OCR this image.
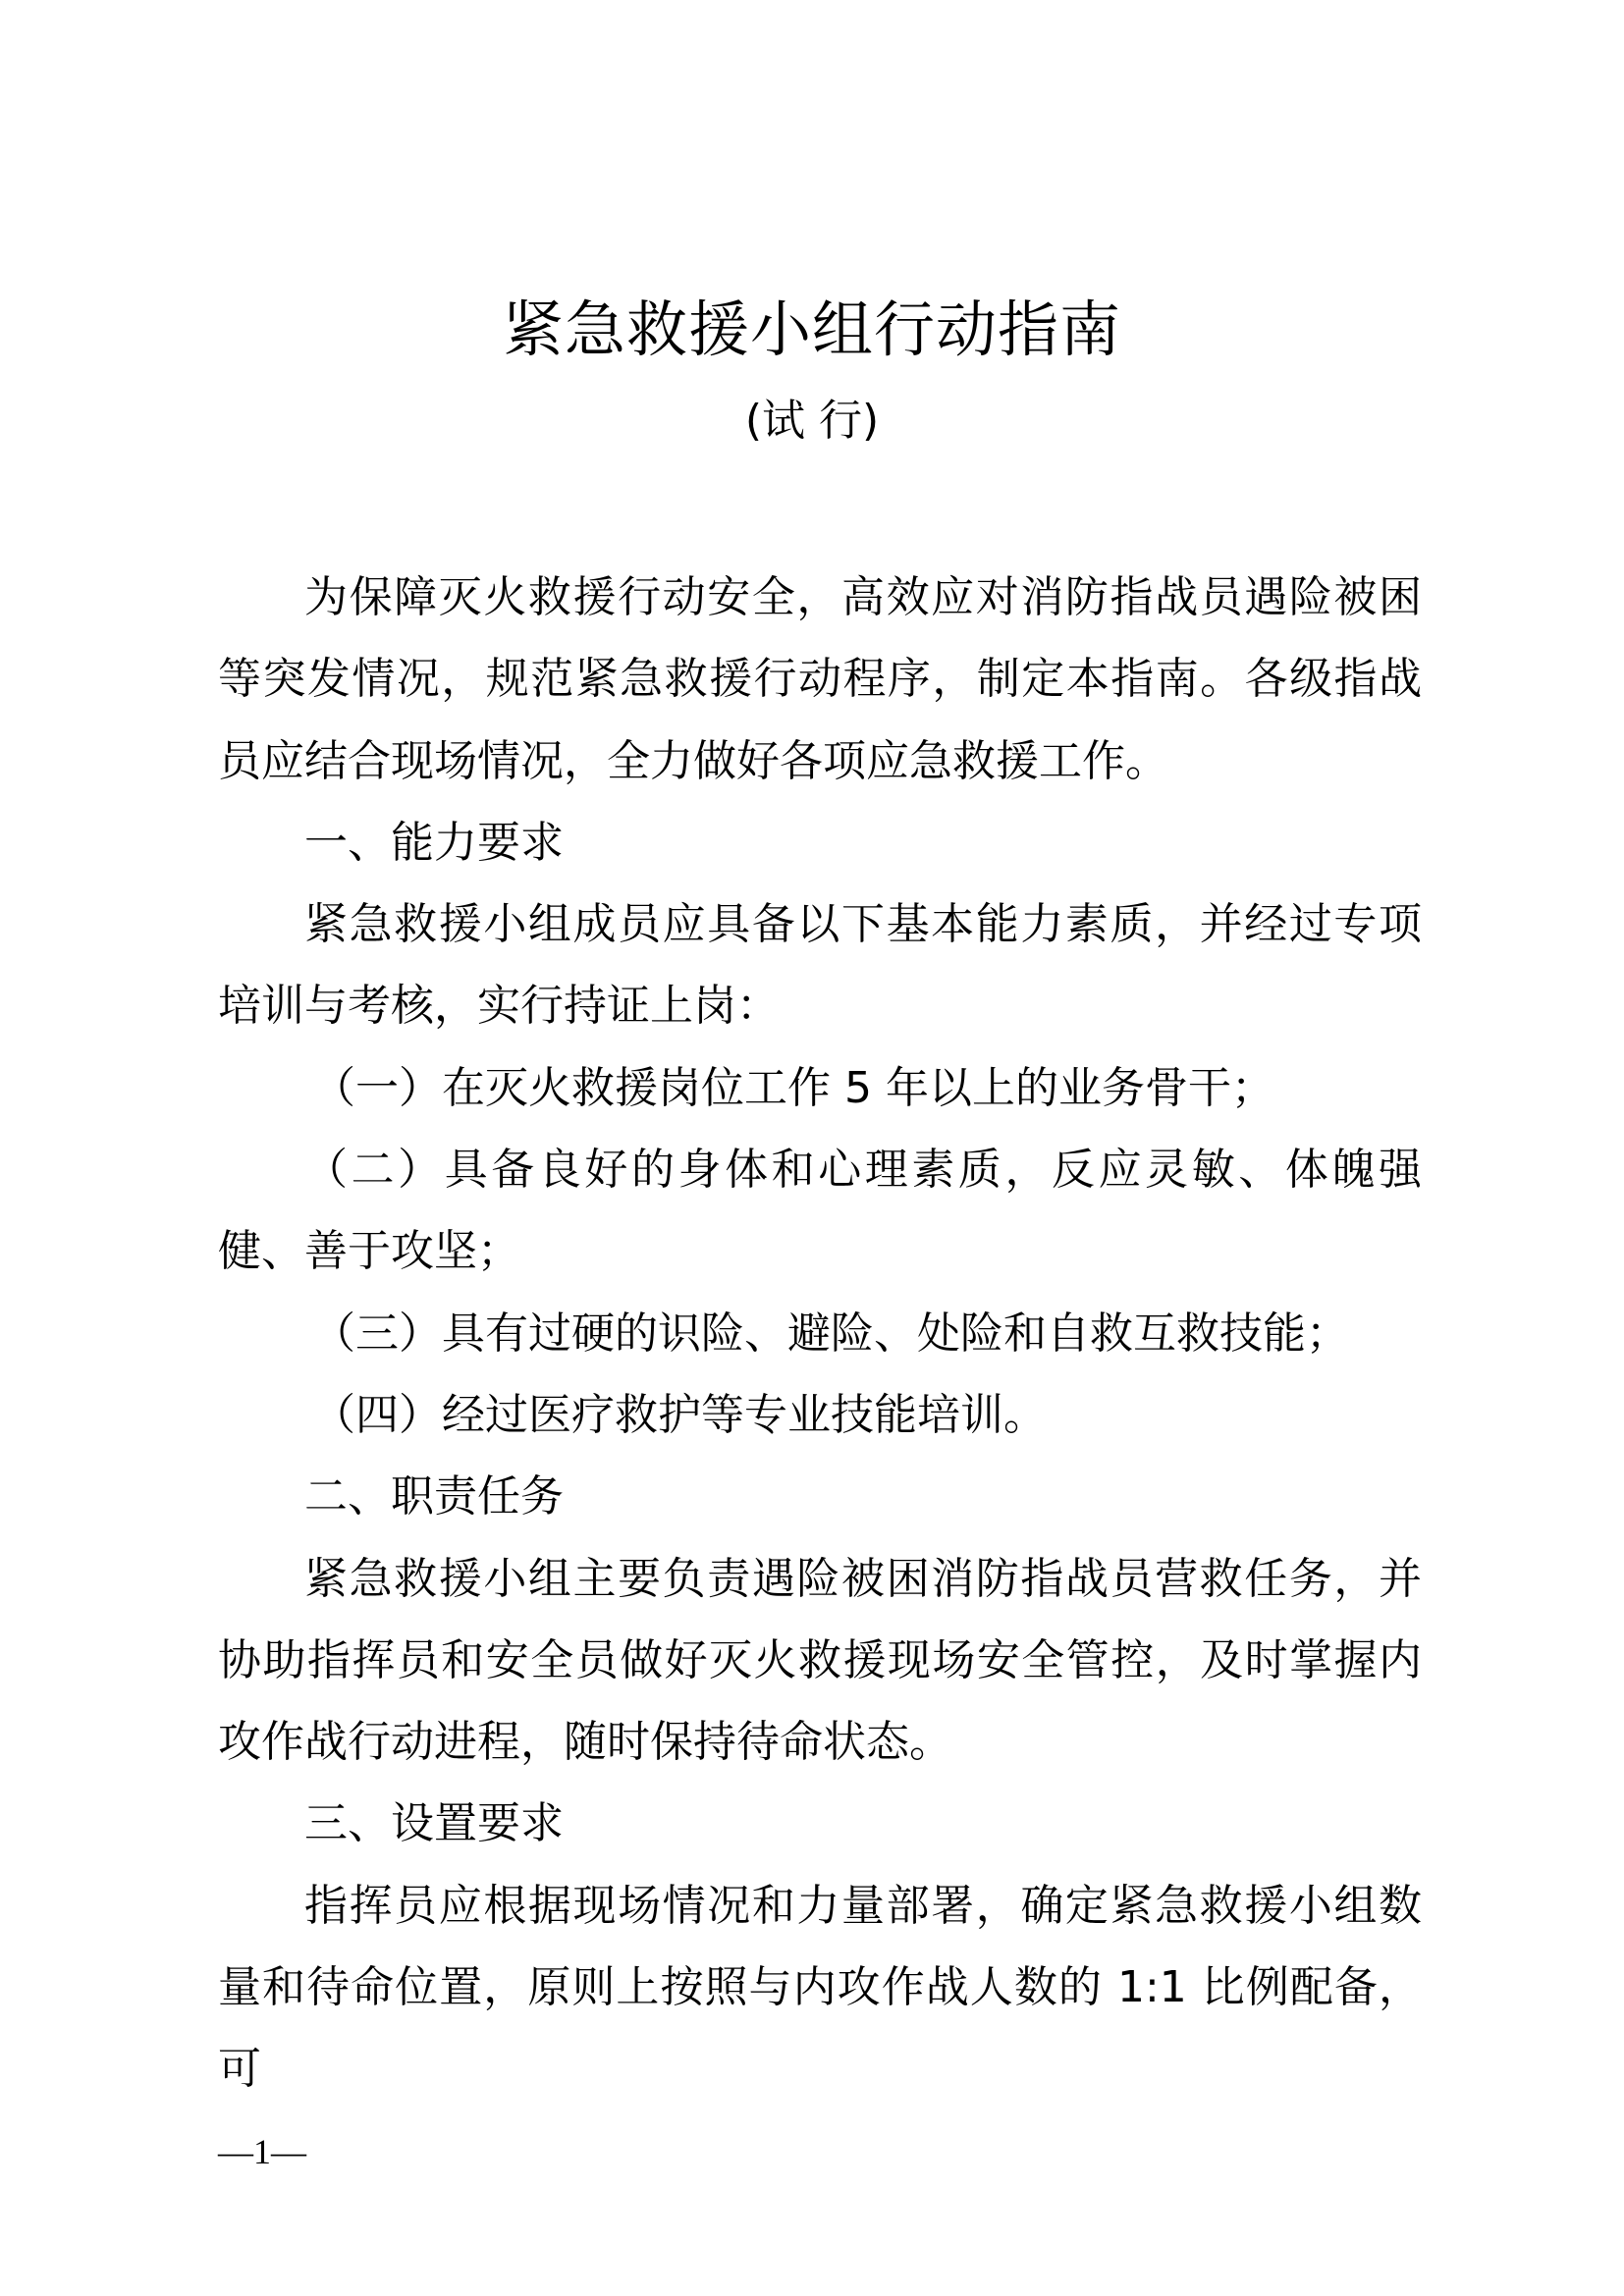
紧急救援小组行动指南
(试 行)

为保障灭火救援行动安全，高效应对消防指战员遇险被困等突发情况，规范紧急救援行动程序，制定本指南。各级指战员应结合现场情况，全力做好各项应急救援工作。

一、能力要求

紧急救援小组成员应具备以下基本能力素质，并经过专项培训与考核，实行持证上岗：

（一）在灭火救援岗位工作 5 年以上的业务骨干；

（二）具备良好的身体和心理素质，反应灵敏、体魄强健、善于攻坚；

（三）具有过硬的识险、避险、处险和自救互救技能；

（四）经过医疗救护等专业技能培训。

二、职责任务

紧急救援小组主要负责遇险被困消防指战员营救任务，并协助指挥员和安全员做好灭火救援现场安全管控，及时掌握内攻作战行动进程，随时保持待命状态。

三、设置要求

指挥员应根据现场情况和力量部署，确定紧急救援小组数量和待命位置，原则上按照与内攻作战人数的 1:1 比例配备，可

—1—
